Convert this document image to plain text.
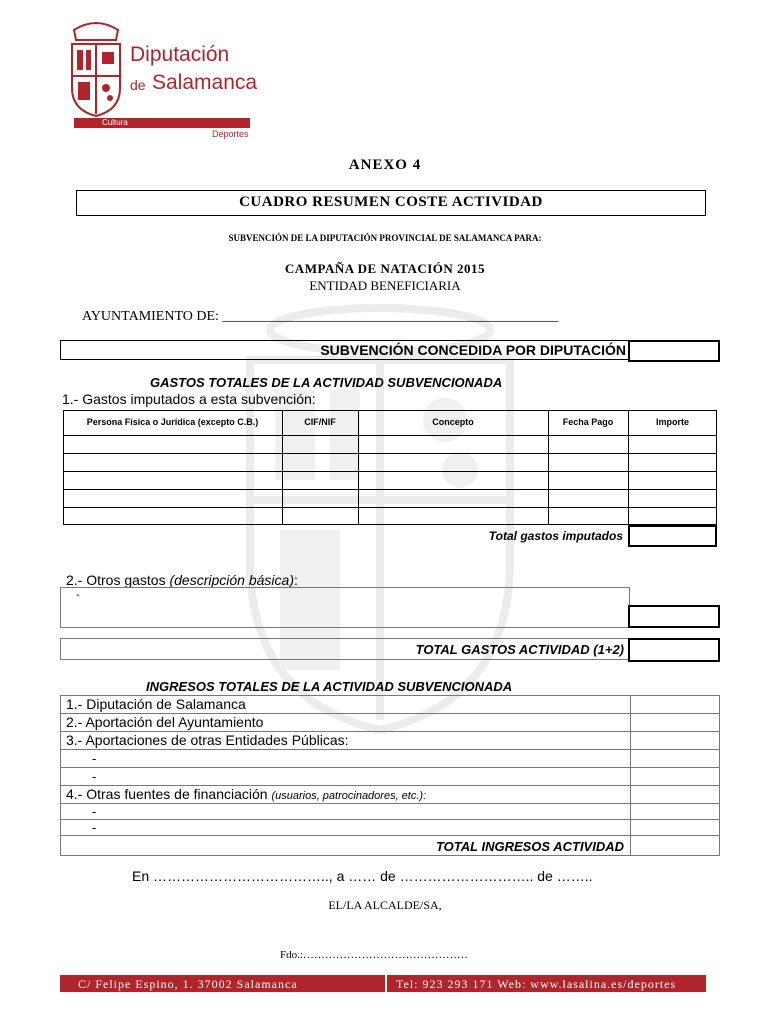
Diputación
de Salamanca
Cultura
Deportes
ANEXO 4
CUADRO RESUMEN COSTE ACTIVIDAD
SUBVENCIÓN DE LA DIPUTACIÓN PROVINCIAL DE SALAMANCA PARA:
CAMPAÑA DE NATACIÓN 2015
ENTIDAD BENEFICIARIA
AYUNTAMIENTO DE: ________________________________________________
SUBVENCIÓN CONCEDIDA POR DIPUTACIÓN
GASTOS TOTALES DE LA ACTIVIDAD SUBVENCIONADA
1.- Gastos imputados a esta subvención:
Persona Física o Jurídica (excepto C.B.)	CIF/NIF	Concepto	Fecha Pago	Importe
Total gastos imputados
2.- Otros gastos (descripción básica):
-
TOTAL GASTOS ACTIVIDAD (1+2)
INGRESOS TOTALES DE LA ACTIVIDAD SUBVENCIONADA
1.- Diputación de Salamanca
2.- Aportación del Ayuntamiento
3.- Aportaciones de otras Entidades Públicas:
-
-
4.- Otras fuentes de financiación (usuarios, patrocinadores, etc.):
-
-
TOTAL INGRESOS ACTIVIDAD
En ……………………………….., a …… de ……………………….. de ……..
EL/LA ALCALDE/SA,
Fdo.:………………………………………
C/ Felipe Espino, 1. 37002 Salamanca	Tel: 923 293 171 Web: www.lasalina.es/deportes
